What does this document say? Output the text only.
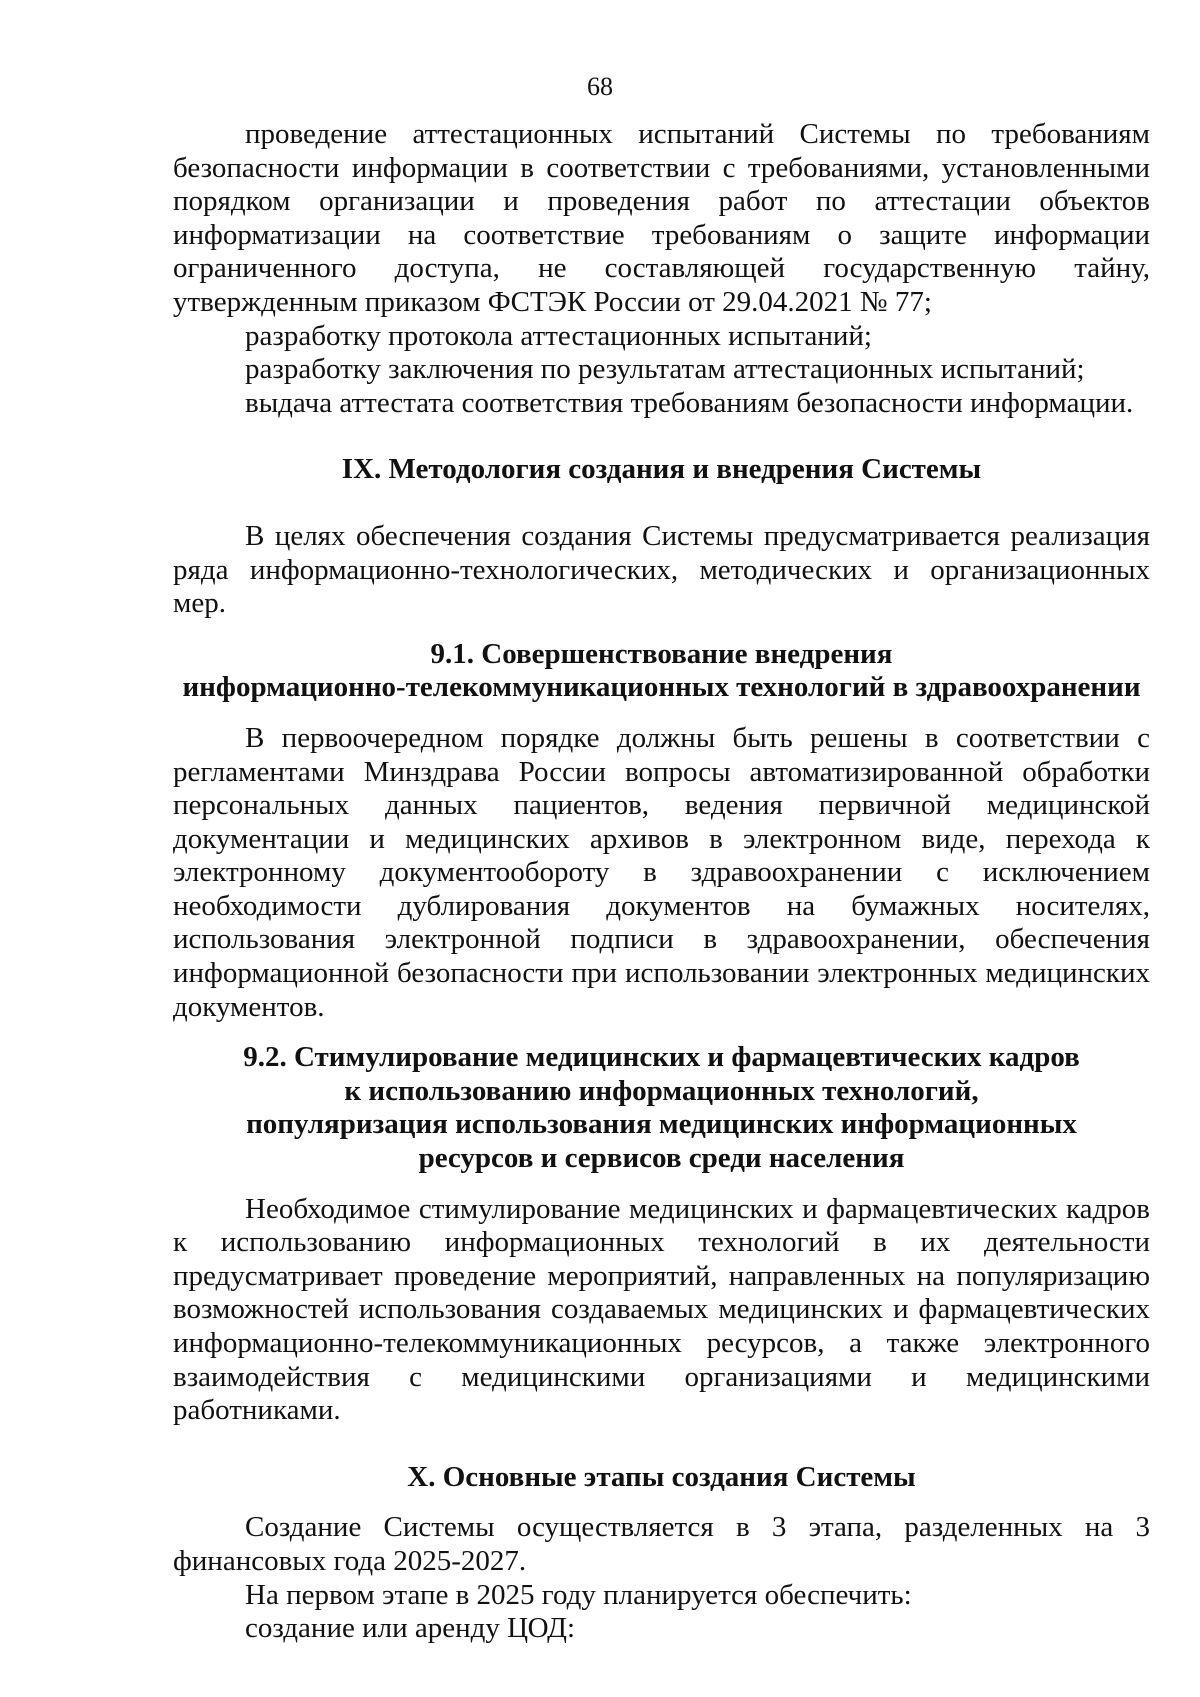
68

проведение аттестационных испытаний Системы по требованиям безопасности информации в соответствии с требованиями, установленными порядком организации и проведения работ по аттестации объектов информатизации на соответствие требованиям о защите информации ограниченного доступа, не составляющей государственную тайну, утвержденным приказом ФСТЭК России от 29.04.2021 № 77;

разработку протокола аттестационных испытаний;

разработку заключения по результатам аттестационных испытаний;

выдача аттестата соответствия требованиям безопасности информации.

IX. Методология создания и внедрения Системы

В целях обеспечения создания Системы предусматривается реализация ряда информационно-технологических, методических и организационных мер.

9.1. Совершенствование внедрения
информационно-телекоммуникационных технологий в здравоохранении

В первоочередном порядке должны быть решены в соответствии с регламентами Минздрава России вопросы автоматизированной обработки персональных данных пациентов, ведения первичной медицинской документации и медицинских архивов в электронном виде, перехода к электронному документообороту в здравоохранении с исключением необходимости дублирования документов на бумажных носителях, использования электронной подписи в здравоохранении, обеспечения информационной безопасности при использовании электронных медицинских документов.

9.2. Стимулирование медицинских и фармацевтических кадров
к использованию информационных технологий,
популяризация использования медицинских информационных
ресурсов и сервисов среди населения

Необходимое стимулирование медицинских и фармацевтических кадров к использованию информационных технологий в их деятельности предусматривает проведение мероприятий, направленных на популяризацию возможностей использования создаваемых медицинских и фармацевтических информационно-телекоммуникационных ресурсов, а также электронного взаимодействия с медицинскими организациями и медицинскими работниками.

X. Основные этапы создания Системы

Создание Системы осуществляется в 3 этапа, разделенных на 3 финансовых года 2025-2027.

На первом этапе в 2025 году планируется обеспечить:

создание или аренду ЦОД:
